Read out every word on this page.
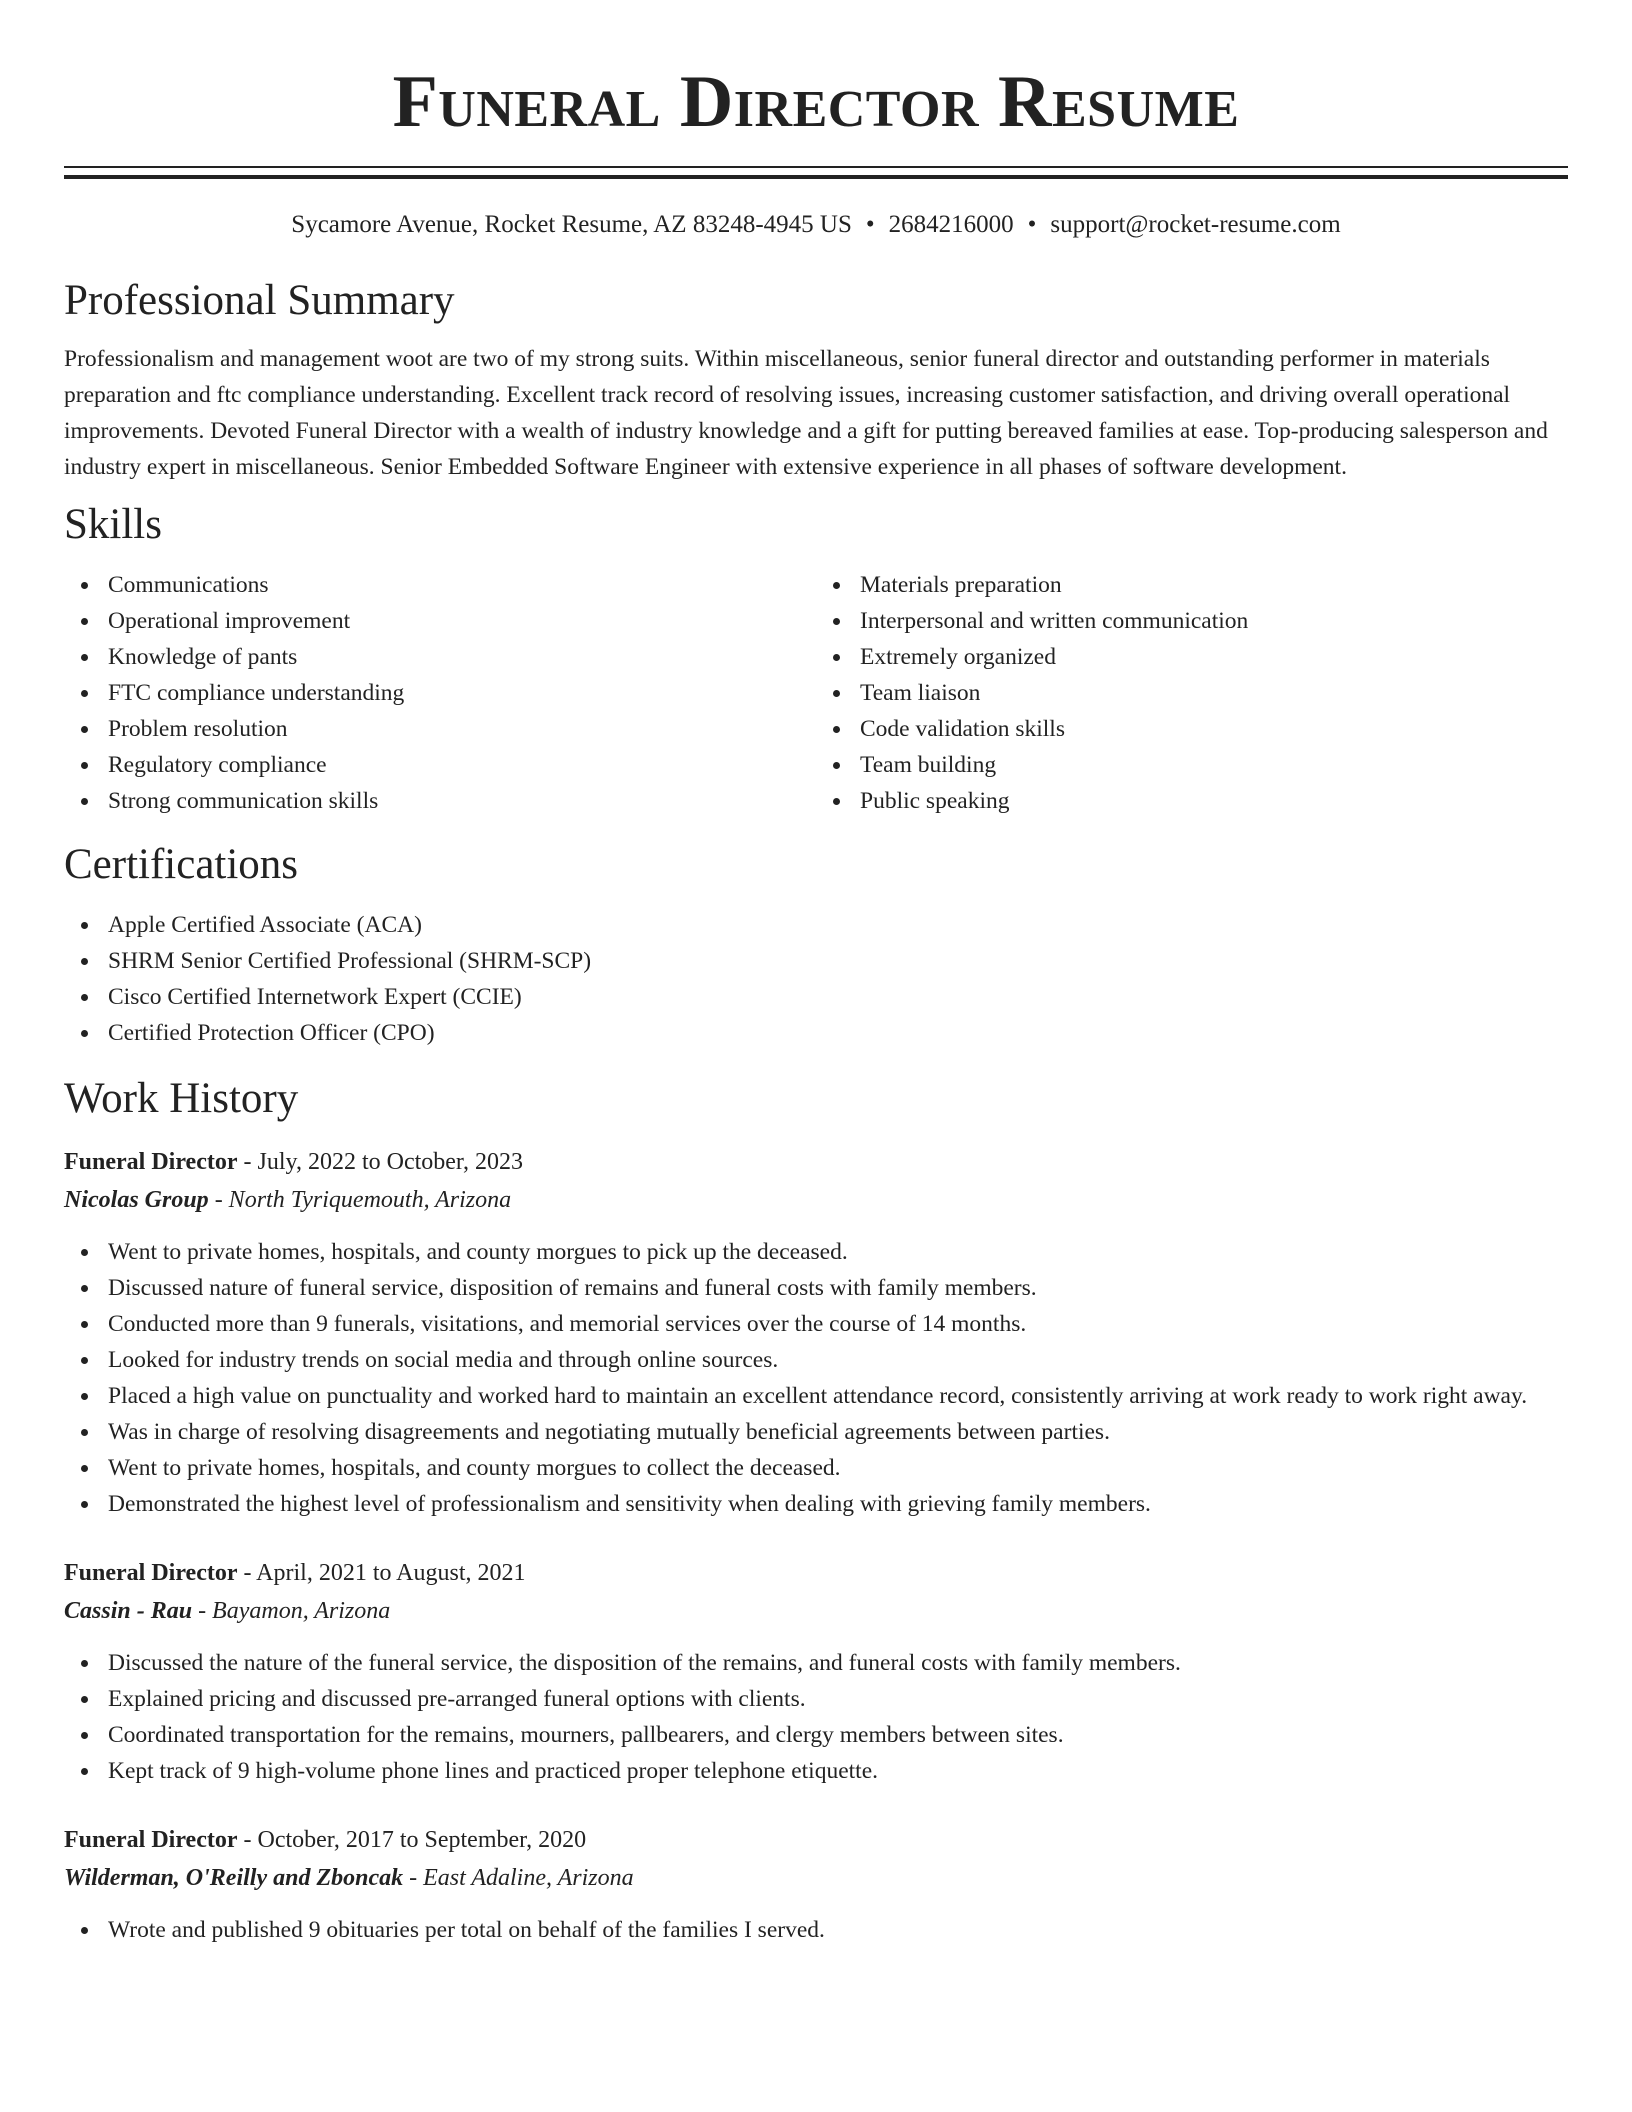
Funeral Director Resume
Sycamore Avenue, Rocket Resume, AZ 83248-4945 US • 2684216000 • support@rocket-resume.com
Professional Summary

Professionalism and management woot are two of my strong suits. Within miscellaneous, senior funeral director and outstanding performer in materials preparation and ftc compliance understanding. Excellent track record of resolving issues, increasing customer satisfaction, and driving overall operational improvements. Devoted Funeral Director with a wealth of industry knowledge and a gift for putting bereaved families at ease. Top-producing salesperson and industry expert in miscellaneous. Senior Embedded Software Engineer with extensive experience in all phases of software development.

Skills
Communications
Operational improvement
Knowledge of pants
FTC compliance understanding
Problem resolution
Regulatory compliance
Strong communication skills
Materials preparation
Interpersonal and written communication
Extremely organized
Team liaison
Code validation skills
Team building
Public speaking
Certifications
Apple Certified Associate (ACA)
SHRM Senior Certified Professional (SHRM-SCP)
Cisco Certified Internetwork Expert (CCIE)
Certified Protection Officer (CPO)
Work History
Funeral Director - July, 2022 to October, 2023
Nicolas Group - North Tyriquemouth, Arizona
Went to private homes, hospitals, and county morgues to pick up the deceased.
Discussed nature of funeral service, disposition of remains and funeral costs with family members.
Conducted more than 9 funerals, visitations, and memorial services over the course of 14 months.
Looked for industry trends on social media and through online sources.
Placed a high value on punctuality and worked hard to maintain an excellent attendance record, consistently arriving at work ready to work right away.
Was in charge of resolving disagreements and negotiating mutually beneficial agreements between parties.
Went to private homes, hospitals, and county morgues to collect the deceased.
Demonstrated the highest level of professionalism and sensitivity when dealing with grieving family members.
Funeral Director - April, 2021 to August, 2021
Cassin - Rau - Bayamon, Arizona
Discussed the nature of the funeral service, the disposition of the remains, and funeral costs with family members.
Explained pricing and discussed pre-arranged funeral options with clients.
Coordinated transportation for the remains, mourners, pallbearers, and clergy members between sites.
Kept track of 9 high-volume phone lines and practiced proper telephone etiquette.
Funeral Director - October, 2017 to September, 2020
Wilderman, O'Reilly and Zboncak - East Adaline, Arizona
Wrote and published 9 obituaries per total on behalf of the families I served.
